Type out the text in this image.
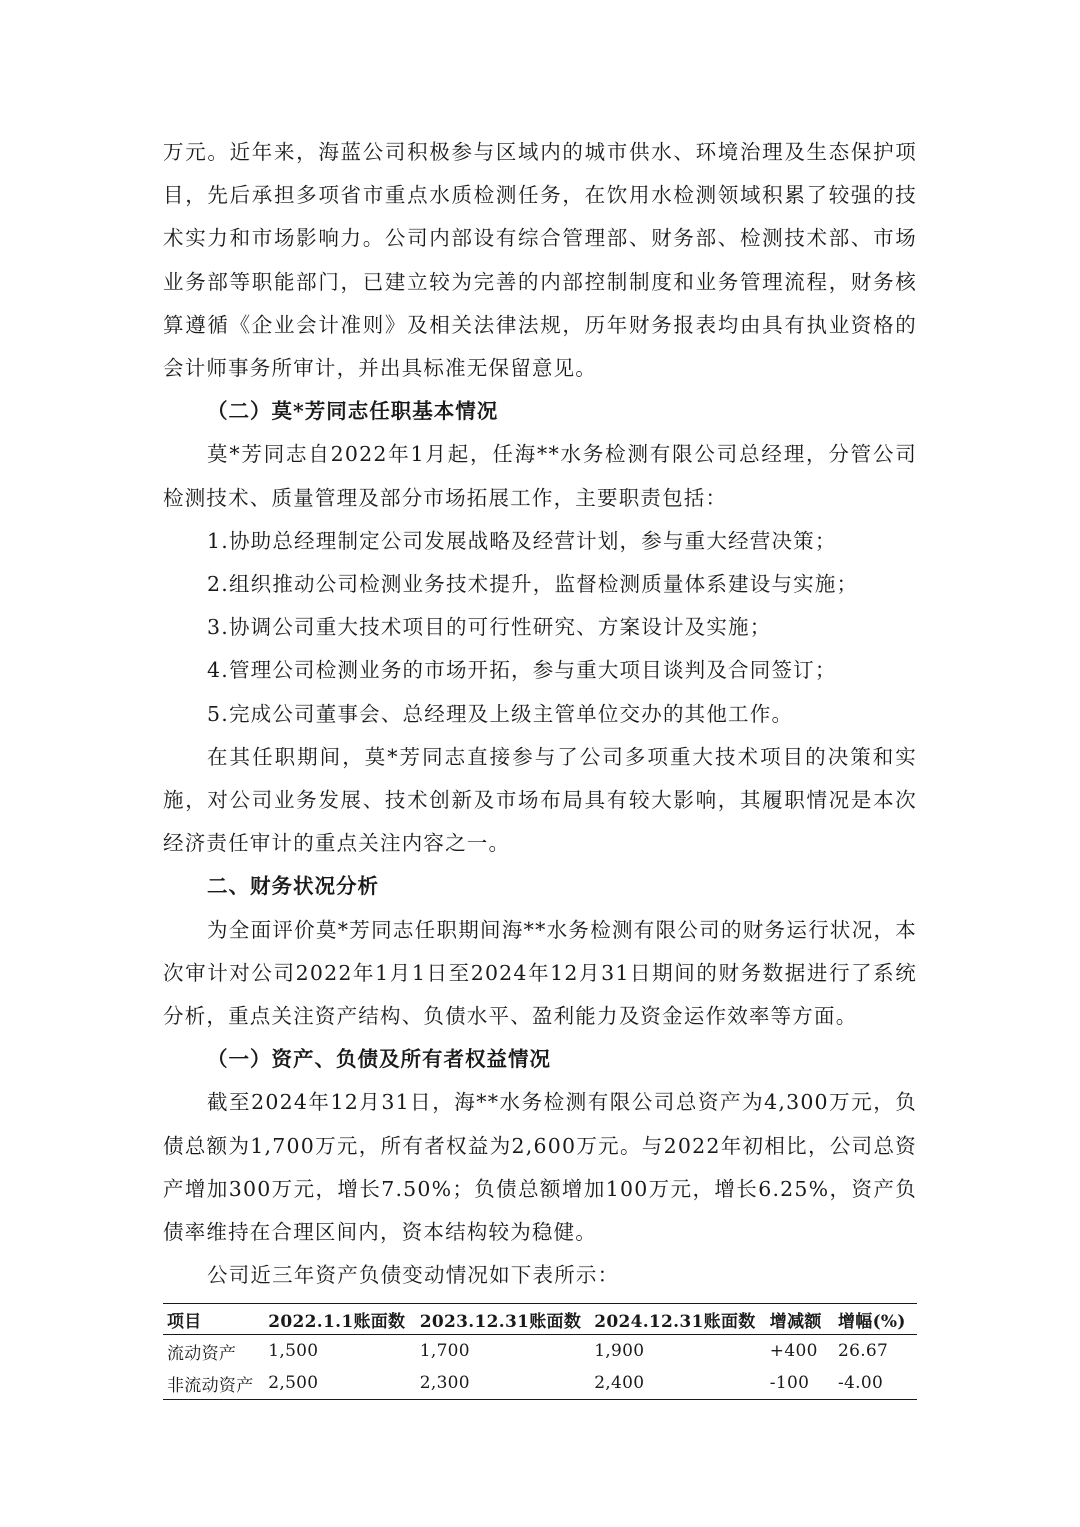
万元。近年来，海蓝公司积极参与区域内的城市供水、环境治理及生态保护项目，先后承担多项省市重点水质检测任务，在饮用水检测领域积累了较强的技术实力和市场影响力。公司内部设有综合管理部、财务部、检测技术部、市场业务部等职能部门，已建立较为完善的内部控制制度和业务管理流程，财务核算遵循《企业会计准则》及相关法律法规，历年财务报表均由具有执业资格的会计师事务所审计，并出具标准无保留意见。

（二）莫*芳同志任职基本情况

莫*芳同志自2022年1月起，任海**水务检测有限公司总经理，分管公司检测技术、质量管理及部分市场拓展工作，主要职责包括：

1.协助总经理制定公司发展战略及经营计划，参与重大经营决策；

2.组织推动公司检测业务技术提升，监督检测质量体系建设与实施；

3.协调公司重大技术项目的可行性研究、方案设计及实施；

4.管理公司检测业务的市场开拓，参与重大项目谈判及合同签订；

5.完成公司董事会、总经理及上级主管单位交办的其他工作。

在其任职期间，莫*芳同志直接参与了公司多项重大技术项目的决策和实施，对公司业务发展、技术创新及市场布局具有较大影响，其履职情况是本次经济责任审计的重点关注内容之一。

二、财务状况分析

为全面评价莫*芳同志任职期间海**水务检测有限公司的财务运行状况，本次审计对公司2022年1月1日至2024年12月31日期间的财务数据进行了系统分析，重点关注资产结构、负债水平、盈利能力及资金运作效率等方面。

（一）资产、负债及所有者权益情况

截至2024年12月31日，海**水务检测有限公司总资产为4,300万元，负债总额为1,700万元，所有者权益为2,600万元。与2022年初相比，公司总资产增加300万元，增长7.50%；负债总额增加100万元，增长6.25%，资产负债率维持在合理区间内，资本结构较为稳健。

公司近三年资产负债变动情况如下表所示：

项目	2022.1.1账面数	2023.12.31账面数	2024.12.31账面数	增减额	增幅(%)
流动资产	1,500	1,700	1,900	+400	26.67
非流动资产	2,500	2,300	2,400	-100	-4.00
